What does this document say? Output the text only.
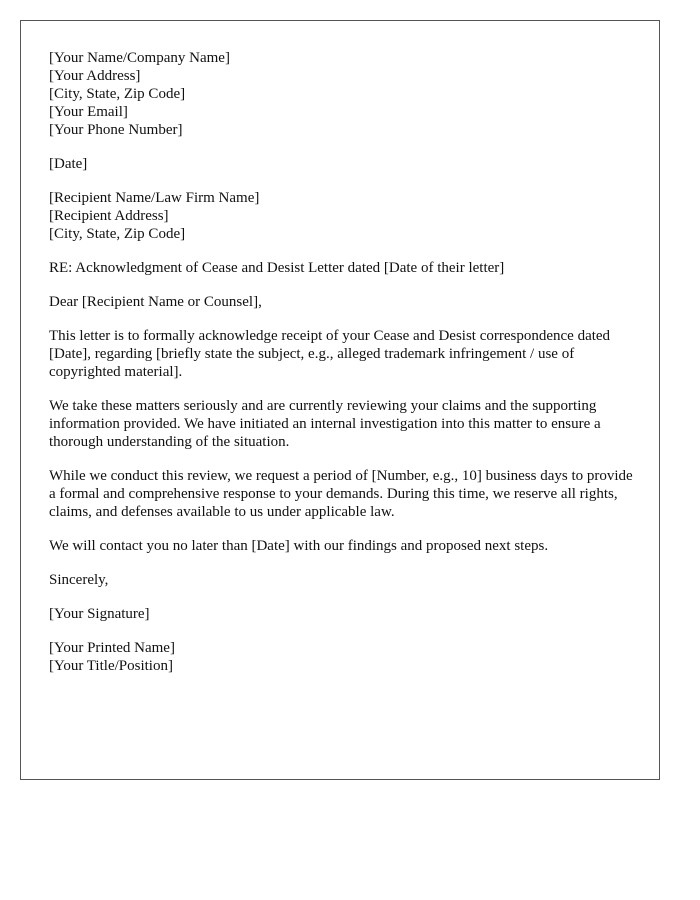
[Your Name/Company Name]
[Your Address]
[City, State, Zip Code]
[Your Email]
[Your Phone Number]
[Date]
[Recipient Name/Law Firm Name]
[Recipient Address]
[City, State, Zip Code]

RE: Acknowledgment of Cease and Desist Letter dated [Date of their letter]

Dear [Recipient Name or Counsel],

This letter is to formally acknowledge receipt of your Cease and Desist correspondence dated [Date], regarding [briefly state the subject, e.g., alleged trademark infringement / use of copyrighted material].

We take these matters seriously and are currently reviewing your claims and the supporting information provided. We have initiated an internal investigation into this matter to ensure a thorough understanding of the situation.

While we conduct this review, we request a period of [Number, e.g., 10] business days to provide a formal and comprehensive response to your demands. During this time, we reserve all rights, claims, and defenses available to us under applicable law.

We will contact you no later than [Date] with our findings and proposed next steps.

Sincerely,

[Your Signature]

[Your Printed Name]
[Your Title/Position]
